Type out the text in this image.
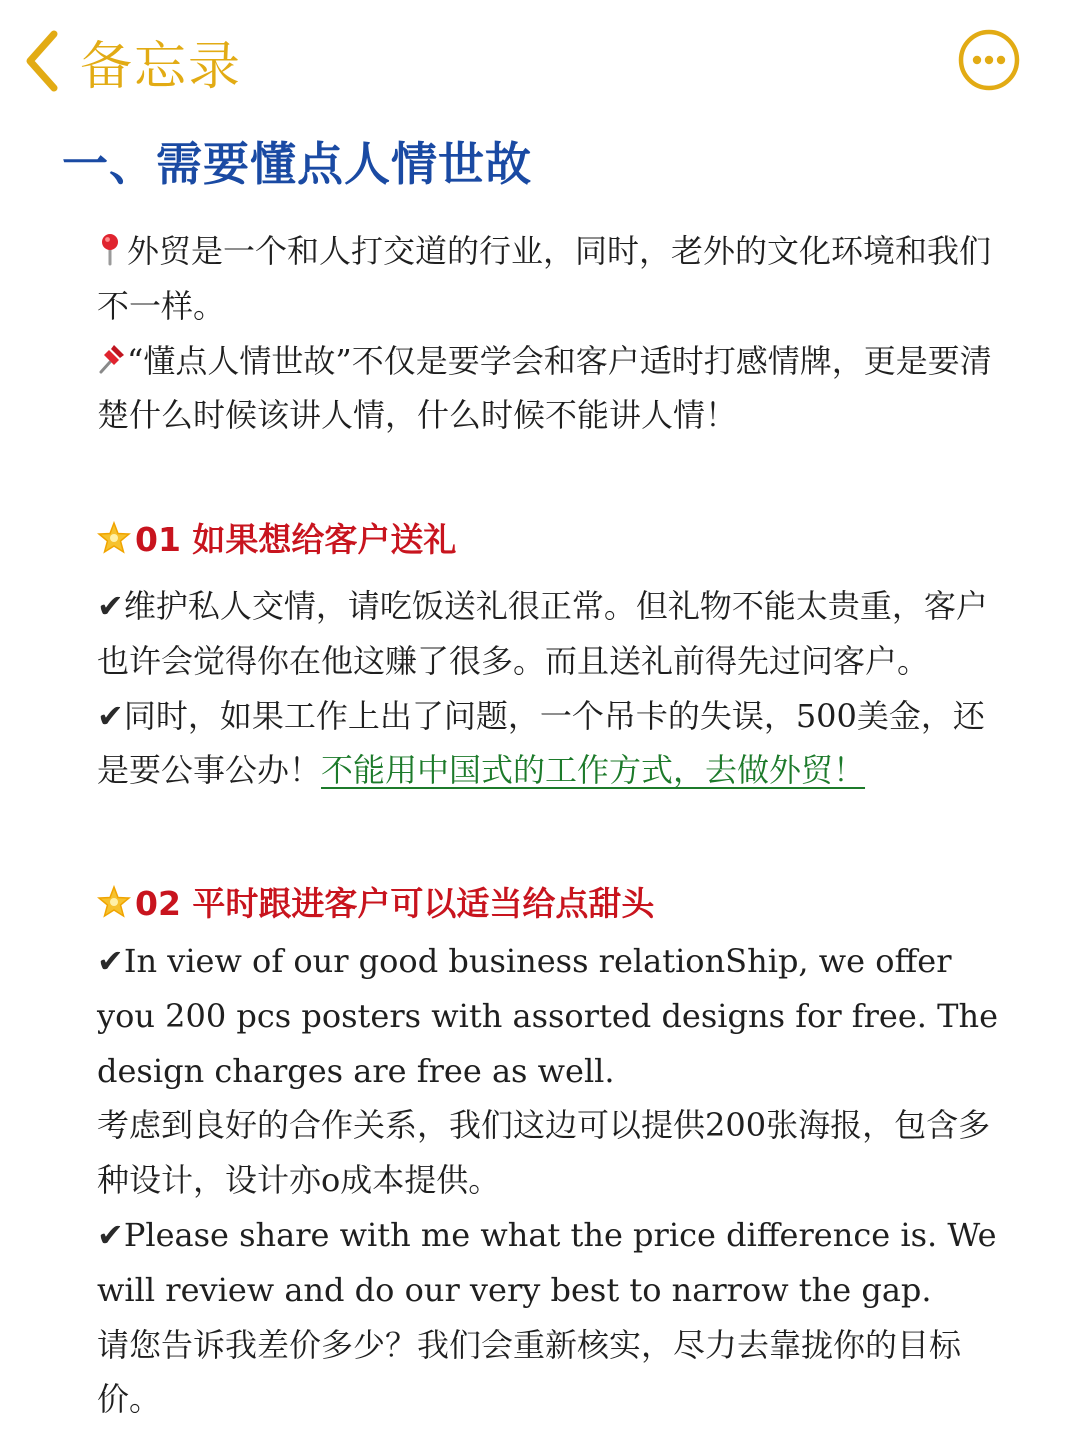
备忘录
一、需要懂点人情世故

外贸是一个和人打交道的行业，同时，老外的文化环境和我们不一样。

“懂点人情世故”不仅是要学会和客户适时打感情牌，更是要清楚什么时候该讲人情，什么时候不能讲人情！

01 如果想给客户送礼

✔维护私人交情，请吃饭送礼很正常。但礼物不能太贵重，客户也许会觉得你在他这赚了很多。而且送礼前得先过问客户。

✔同时，如果工作上出了问题，一个吊卡的失误，500美金，还是要公事公办！不能用中国式的工作方式，去做外贸！

02 平时跟进客户可以适当给点甜头

✔In view of our good business relationShip, we offer you 200 pcs posters with assorted designs for free. The design charges are free as well.

考虑到良好的合作关系，我们这边可以提供200张海报，包含多种设计，设计亦o成本提供。

✔Please share with me what the price difference is. We will review and do our very best to narrow the gap.

请您告诉我差价多少？我们会重新核实，尽力去靠拢你的目标价。
